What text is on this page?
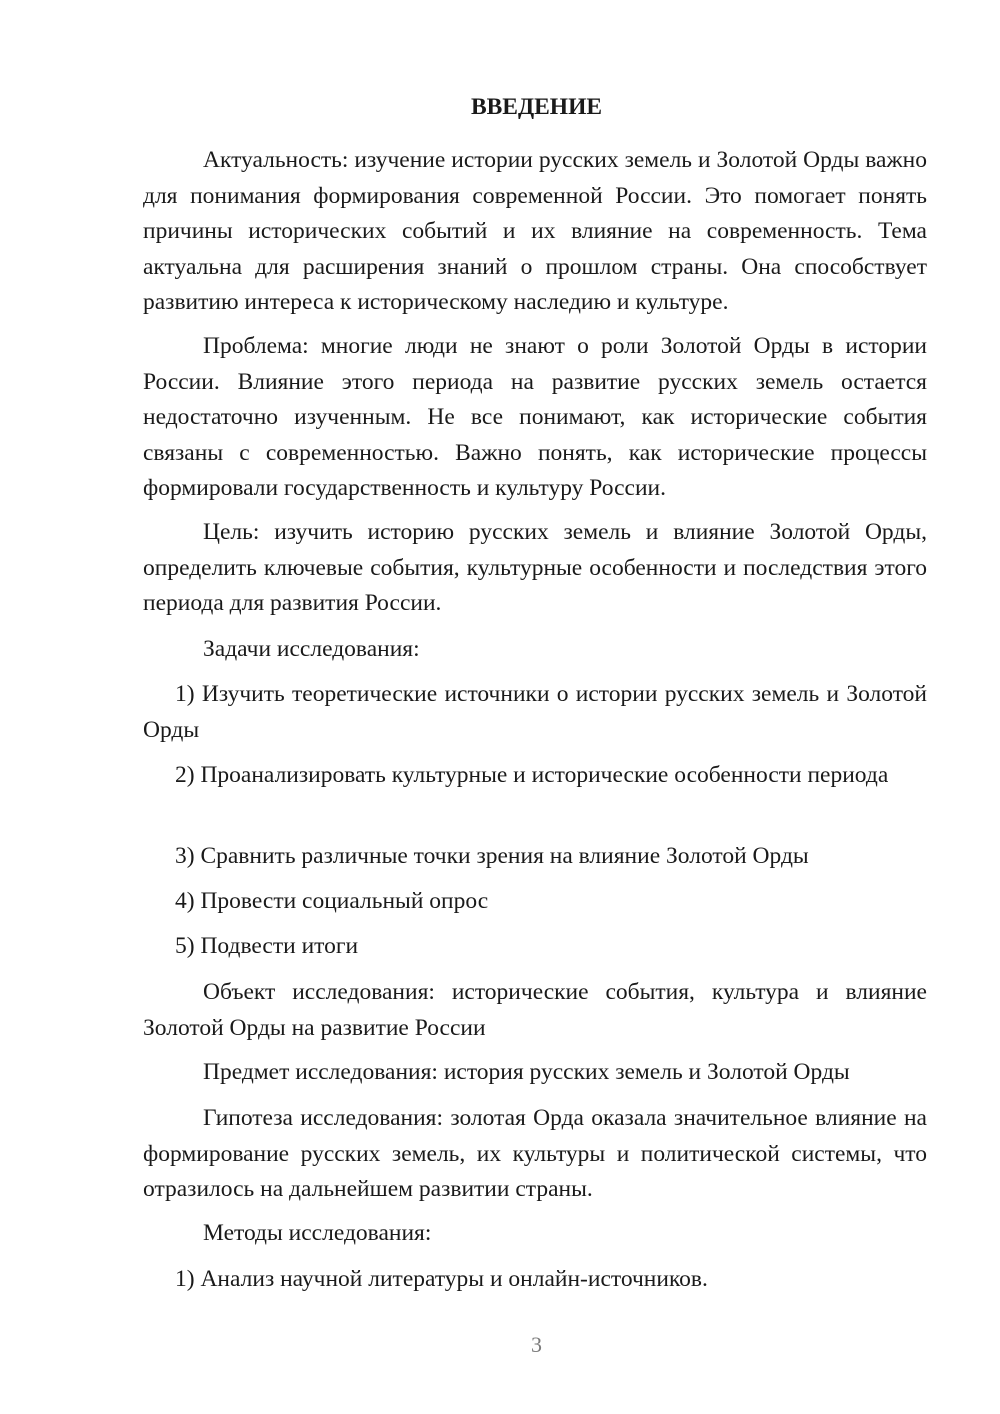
ВВЕДЕНИЕ

Актуальность: изучение истории русских земель и Золотой Орды важно для понимания формирования современной России. Это помогает понять причины исторических событий и их влияние на современность. Тема актуальна для расширения знаний о прошлом страны. Она способствует развитию интереса к историческому наследию и культуре.

Проблема: многие люди не знают о роли Золотой Орды в истории России. Влияние этого периода на развитие русских земель остается недостаточно изученным. Не все понимают, как исторические события связаны с современностью. Важно понять, как исторические процессы формировали государственность и культуру России.

Цель: изучить историю русских земель и влияние Золотой Орды, определить ключевые события, культурные особенности и последствия этого периода для развития России.

Задачи исследования:

1) Изучить теоретические источники о истории русских земель и Золотой Орды

2) Проанализировать культурные и исторические особенности периода

3) Сравнить различные точки зрения на влияние Золотой Орды

4) Провести социальный опрос

5) Подвести итоги

Объект исследования: исторические события, культура и влияние Золотой Орды на развитие России

Предмет исследования: история русских земель и Золотой Орды

Гипотеза исследования: золотая Орда оказала значительное влияние на формирование русских земель, их культуры и политической системы, что отразилось на дальнейшем развитии страны.

Методы исследования:

1) Анализ научной литературы и онлайн-источников.

3
